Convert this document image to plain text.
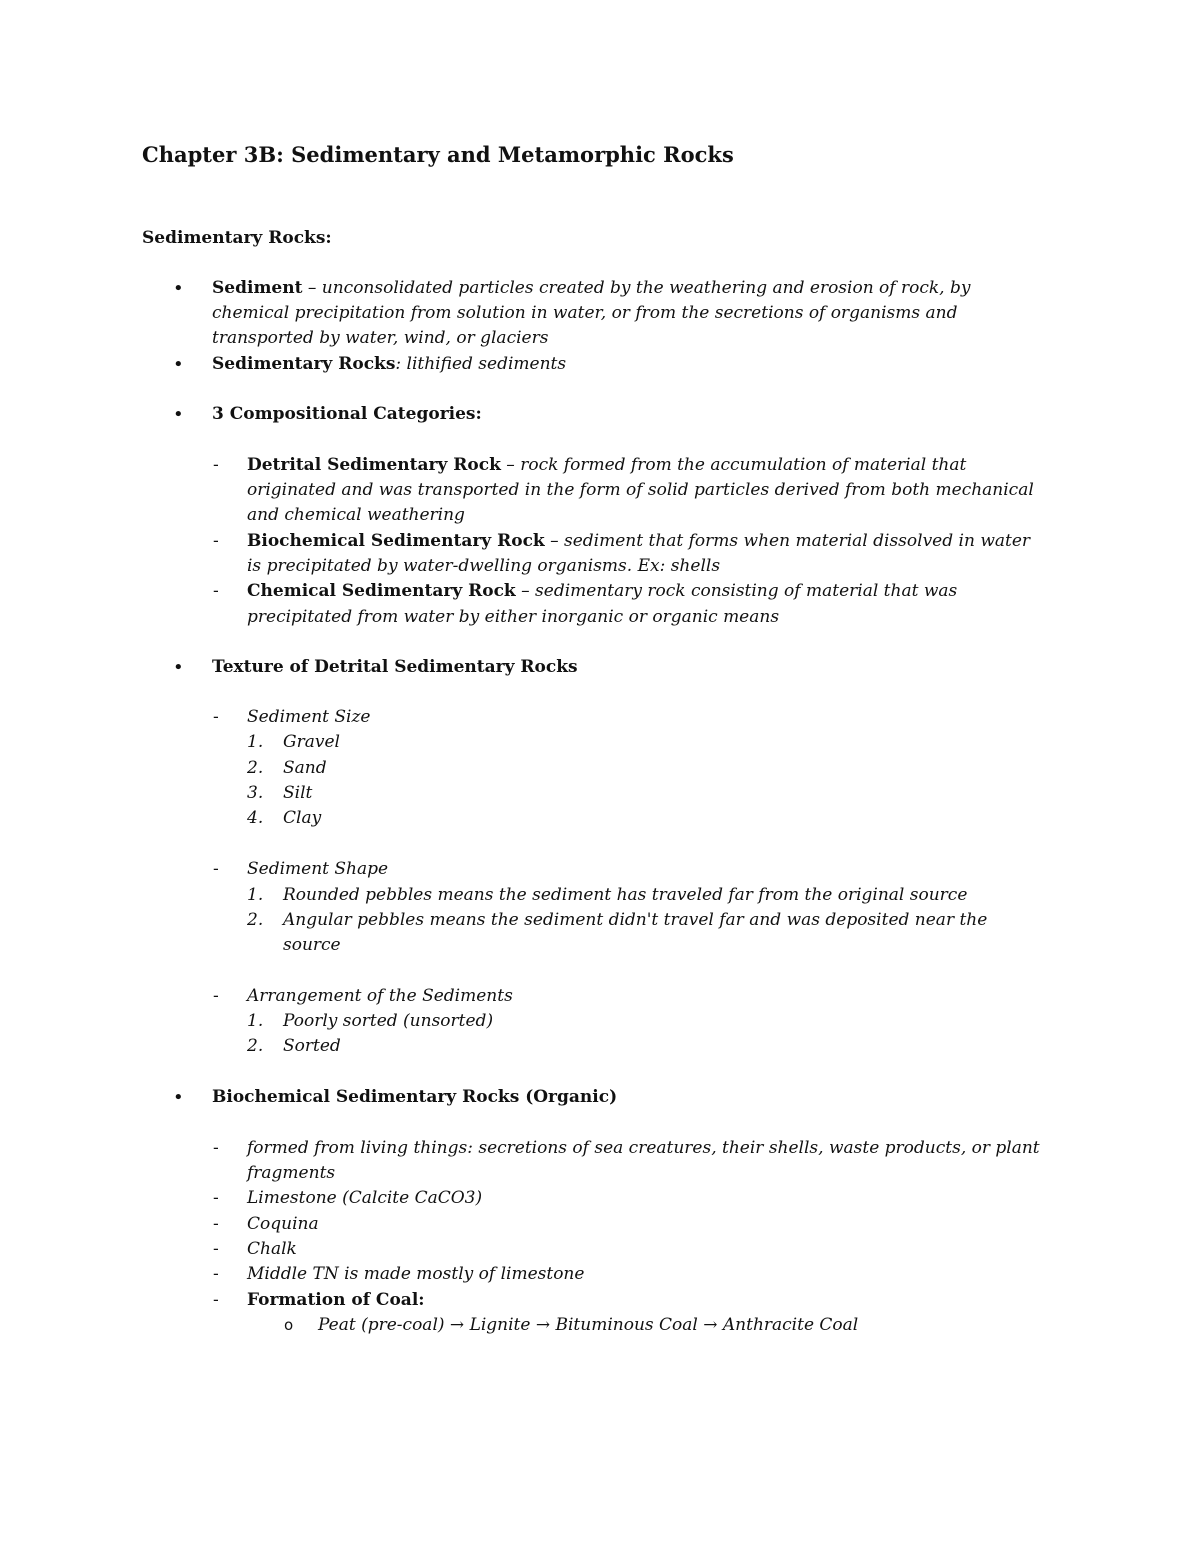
Chapter 3B: Sedimentary and Metamorphic Rocks
Sedimentary Rocks:
• Sediment – unconsolidated particles created by the weathering and erosion of rock, by
chemical precipitation from solution in water, or from the secretions of organisms and
transported by water, wind, or glaciers
• Sedimentary Rocks: lithified sediments
• 3 Compositional Categories:
- Detrital Sedimentary Rock – rock formed from the accumulation of material that
originated and was transported in the form of solid particles derived from both mechanical
and chemical weathering
- Biochemical Sedimentary Rock – sediment that forms when material dissolved in water
is precipitated by water-dwelling organisms. Ex: shells
- Chemical Sedimentary Rock – sedimentary rock consisting of material that was
precipitated from water by either inorganic or organic means
• Texture of Detrital Sedimentary Rocks
- Sediment Size
1. Gravel
2. Sand
3. Silt
4. Clay
- Sediment Shape
1. Rounded pebbles means the sediment has traveled far from the original source
2. Angular pebbles means the sediment didn't travel far and was deposited near the
source
- Arrangement of the Sediments
1. Poorly sorted (unsorted)
2. Sorted
• Biochemical Sedimentary Rocks (Organic)
- formed from living things: secretions of sea creatures, their shells, waste products, or plant
fragments
- Limestone (Calcite CaCO3)
- Coquina
- Chalk
- Middle TN is made mostly of limestone
- Formation of Coal:
o Peat (pre-coal) → Lignite → Bituminous Coal → Anthracite Coal
